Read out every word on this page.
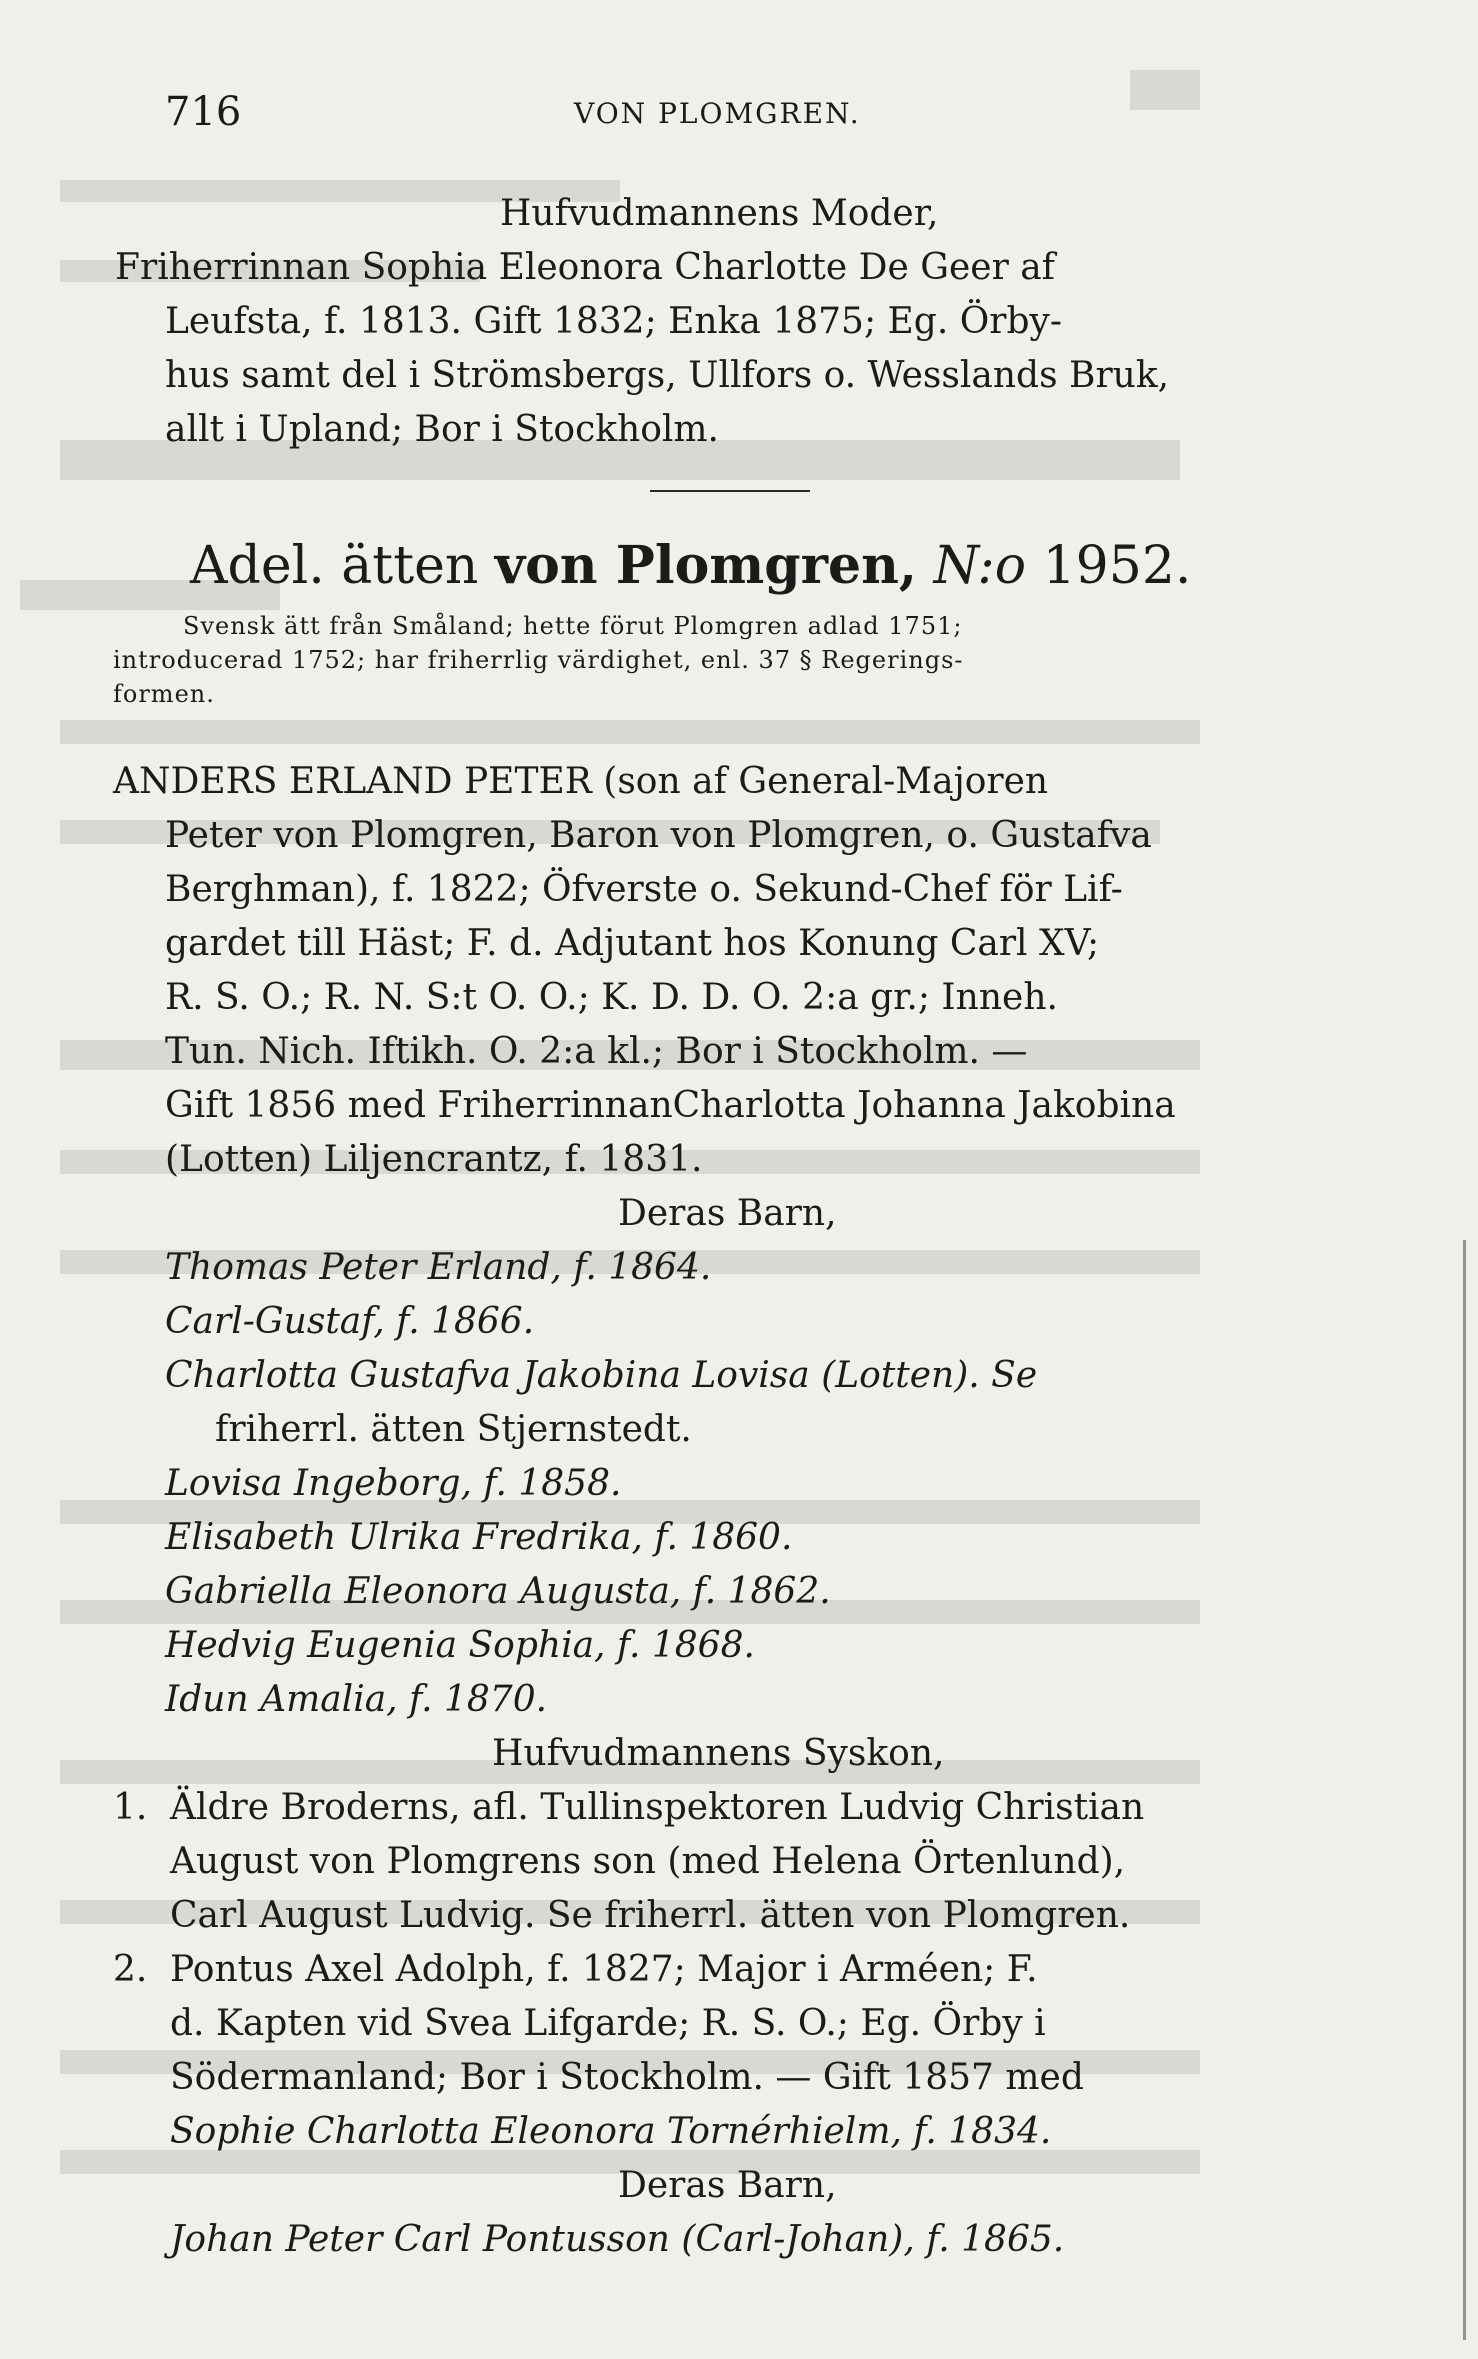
716	VON PLOMGREN.
Hufvudmannens Moder,
Friherrinnan Sophia Eleonora Charlotte De Geer af
Leufsta, f. 1813. Gift 1832; Enka 1875; Eg. Örby-
hus samt del i Strömsbergs, Ullfors o. Wesslands Bruk,
allt i Upland; Bor i Stockholm.
Adel. ätten von Plomgren, N:o 1952.
Svensk ätt från Småland; hette förut Plomgren adlad 1751;
introducerad 1752; har friherrlig värdighet, enl. 37 § Regerings-
formen.
ANDERS ERLAND PETER (son af General-Majoren
Peter von Plomgren, Baron von Plomgren, o. Gustafva
Berghman), f. 1822; Öfverste o. Sekund-Chef för Lif-
gardet till Häst; F. d. Adjutant hos Konung Carl XV;
R. S. O.; R. N. S:t O. O.; K. D. D. O. 2:a gr.; Inneh.
Tun. Nich. Iftikh. O. 2:a kl.; Bor i Stockholm. —
Gift 1856 med FriherrinnanCharlotta Johanna Jakobina
(Lotten) Liljencrantz, f. 1831.
Deras Barn,
Thomas Peter Erland, f. 1864.
Carl-Gustaf, f. 1866.
Charlotta Gustafva Jakobina Lovisa (Lotten). Se
friherrl. ätten Stjernstedt.
Lovisa Ingeborg, f. 1858.
Elisabeth Ulrika Fredrika, f. 1860.
Gabriella Eleonora Augusta, f. 1862.
Hedvig Eugenia Sophia, f. 1868.
Idun Amalia, f. 1870.
Hufvudmannens Syskon,
1. Äldre Broderns, afl. Tullinspektoren Ludvig Christian
August von Plomgrens son (med Helena Örtenlund),
Carl August Ludvig. Se friherrl. ätten von Plomgren.
2. Pontus Axel Adolph, f. 1827; Major i Arméen; F.
d. Kapten vid Svea Lifgarde; R. S. O.; Eg. Örby i
Södermanland; Bor i Stockholm. — Gift 1857 med
Sophie Charlotta Eleonora Tornérhielm, f. 1834.
Deras Barn,
Johan Peter Carl Pontusson (Carl-Johan), f. 1865.
